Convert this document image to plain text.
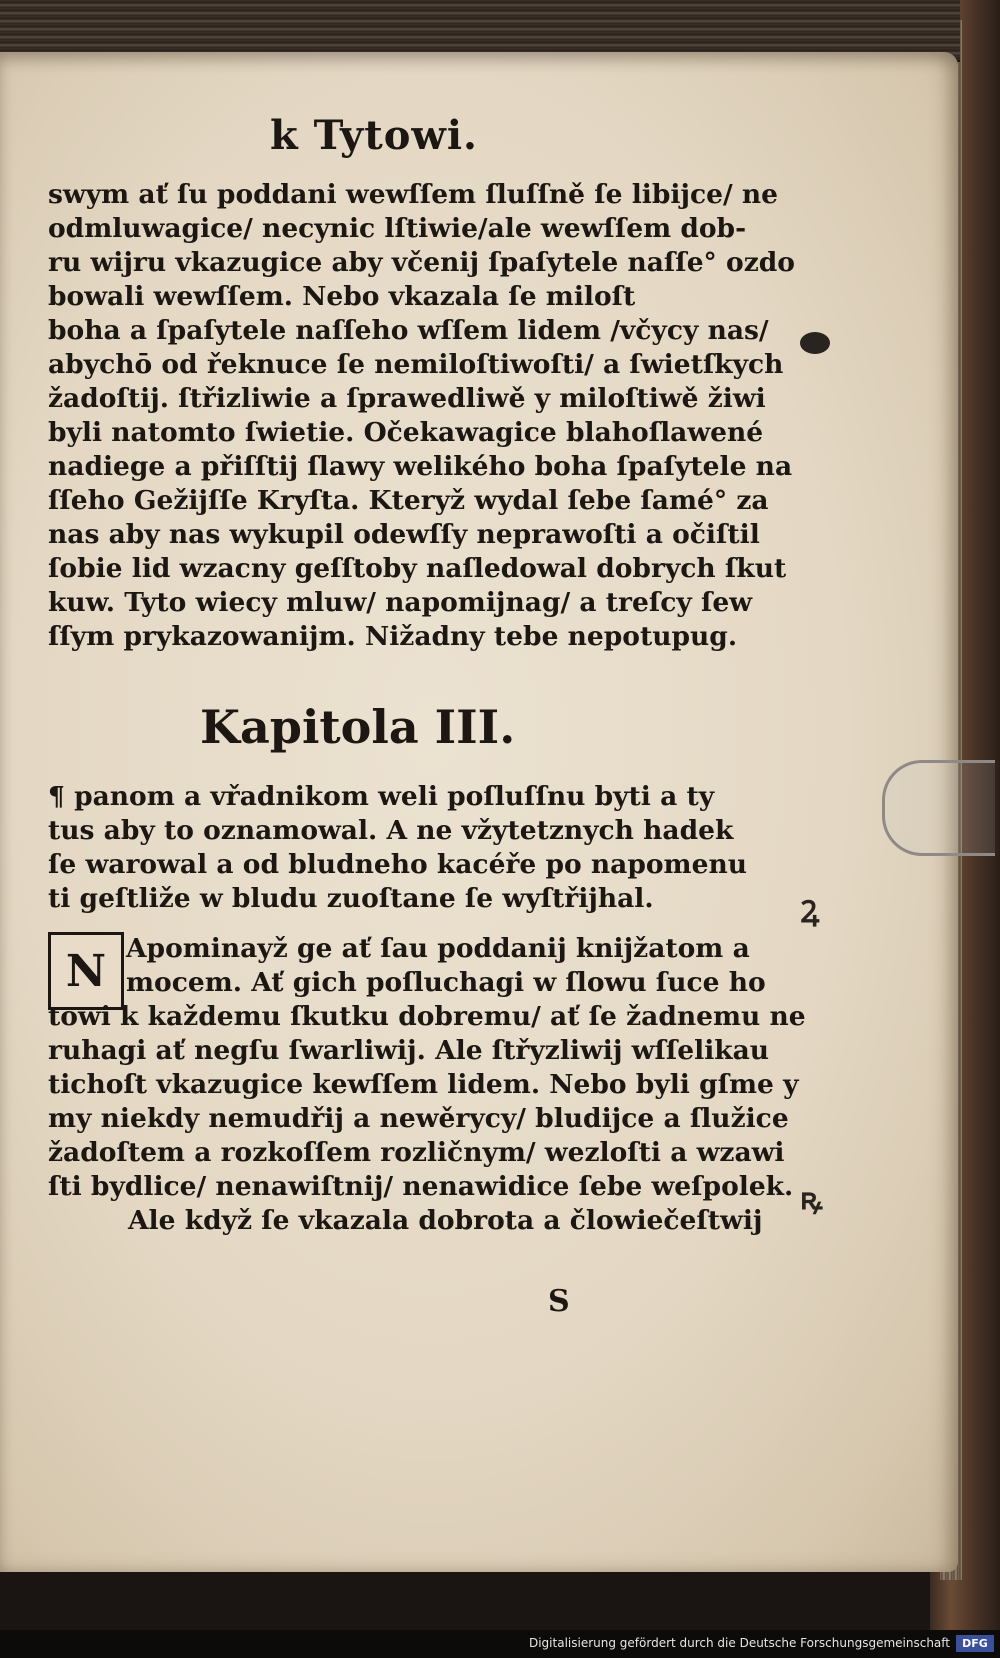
k Tytowi.
swym ať ſu poddani wewſſem ſluſſně ſe libijce/ ne
odmluwagice/ necynic lſtiwie/ale wewſſem dob-
ru wijru vkazugice aby včenij ſpaſytele naſſe° ozdo
bowali wewſſem. Nebo vkazala ſe miloſt
boha a ſpaſytele naſſeho wſſem lidem /včycy nas/
abychō od řeknuce ſe nemiloſtiwoſti/ a ſwietſkych
žadoſtij. ſtřizliwie a ſprawedliwě y miloſtiwě žiwi
byli natomto ſwietie. Očekawagice blahoſlawené
nadiege a přiſſtij ſlawy welikého boha ſpaſytele na
ſſeho Gežijſſe Kryſta. Kteryž wydal ſebe ſamé° za
nas aby nas wykupil odewſſy neprawoſti a očiſtil
ſobie lid wzacny geſſtoby naſledowal dobrych ſkut
kuw. Tyto wiecy mluw/ napomijnag/ a treſcy ſew
ſſym prykazowanijm. Nižadny tebe nepotupug.
Kapitola III.
¶ panom a vřadnikom weli poſluſſnu byti a ty
tus aby to oznamowal. A ne vžytetznych hadek
ſe warowal a od bludneho kacéře po napomenu
ti geſtliže w bludu zuoſtane ſe wyſtřijhal.
N Apominayž ge ať ſau poddanij knijžatom a
mocem. Ať gich poſluchagi w ſlowu ſuce ho
towi k každemu ſkutku dobremu/ ať ſe žadnemu ne
ruhagi ať negſu ſwarliwij. Ale ſtřyzliwij wſſelikau
tichoſt vkazugice kewſſem lidem. Nebo byli gſme y
my niekdy nemudřij a newěrycy/ bludijce a ſlužice
žadoſtem a rozkoſſem rozličnym/ wezloſti a wzawi
ſti bydlice/ nenawiſtnij/ nenawidice ſebe weſpolek.
Ale když ſe vkazala dobrota a člowiečeſtwij
S
Ꝝ
ꝶ
Digitalisierung gefördert durch die Deutsche Forschungsgemeinschaft	DFG
